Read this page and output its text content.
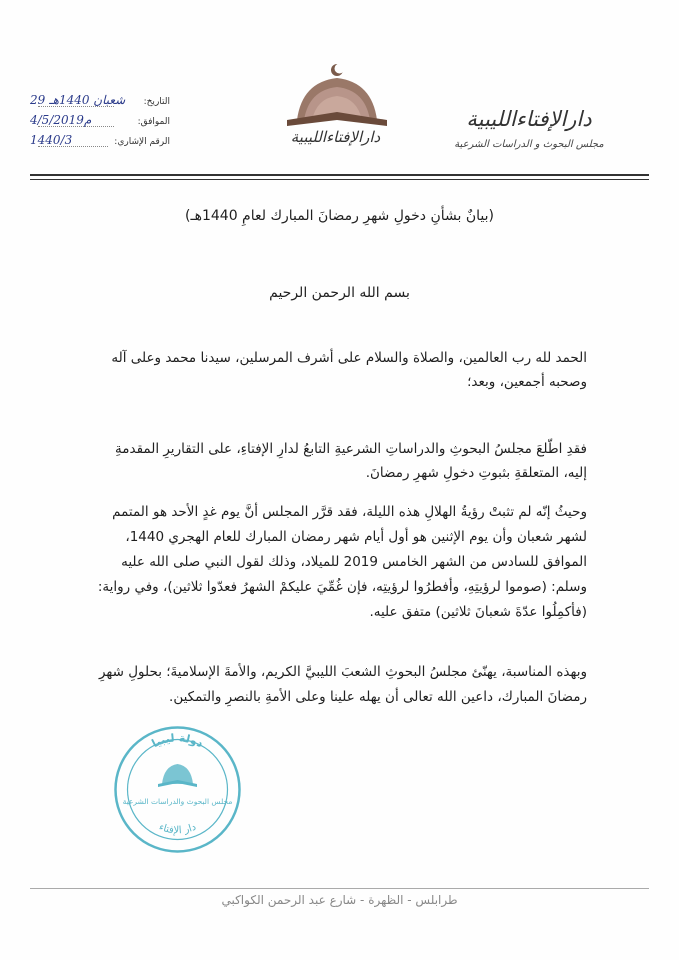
دارالإفتاءالليبية
مجلس البحوث و الدراسات الشرعية
دارالإفتاءالليبية
التاريخ:
29 شعبان 1440هـ
الموافق:
4/5/2019م
الرقم الإشاري:
1440/3
(بيانٌ بشأنِ دخولِ شهرِ رمضانَ المبارك لعامِ 1440هـ)
بسم الله الرحمن الرحيم
الحمد لله رب العالمين، والصلاة والسلام على أشرف المرسلين، سيدنا محمد وعلى آله وصحبه أجمعين، وبعد؛
فقدِ اطّلعَ مجلسُ البحوثِ والدراساتِ الشرعيةِ التابعُ لدارِ الإفتاءِ، على التقاريرِ المقدمةِ إليه، المتعلقةِ بثبوتِ دخولِ شهرِ رمضانَ.
وحيثُ إنّه لم تثبتْ رؤيةُ الهلالِ هذه الليلة، فقد قرَّر المجلس أنَّ يوم غدٍ الأحد هو المتمم لشهر شعبان وأن يوم الإثنين هو أول أيام شهر رمضان المبارك للعام الهجري 1440، الموافق للسادس من الشهر الخامس 2019 للميلاد، وذلك لقول النبي صلى الله عليه وسلم: (صوموا لرؤيتِهِ، وأفطرُوا لرؤيتِه، فإن غُمِّيَ عليكمْ الشهرُ فعدّوا ثلاثين)، وفي رواية: (فأكمِلُوا عدّةَ شعبانَ ثلاثين) متفق عليه.
وبهذه المناسبة، يهنّئ مجلسُ البحوثِ الشعبَ الليبيَّ الكريم، والأمةَ الإسلاميةَ؛ بحلولِ شهرِ رمضانَ المبارك، داعين الله تعالى أن يهله علينا وعلى الأمةِ بالنصرِ والتمكين.
دولة ليبيا
مجلس البحوث والدراسات الشرعية
دار الإفتاء
طرابلس - الظهرة - شارع عبد الرحمن الكواكبي
